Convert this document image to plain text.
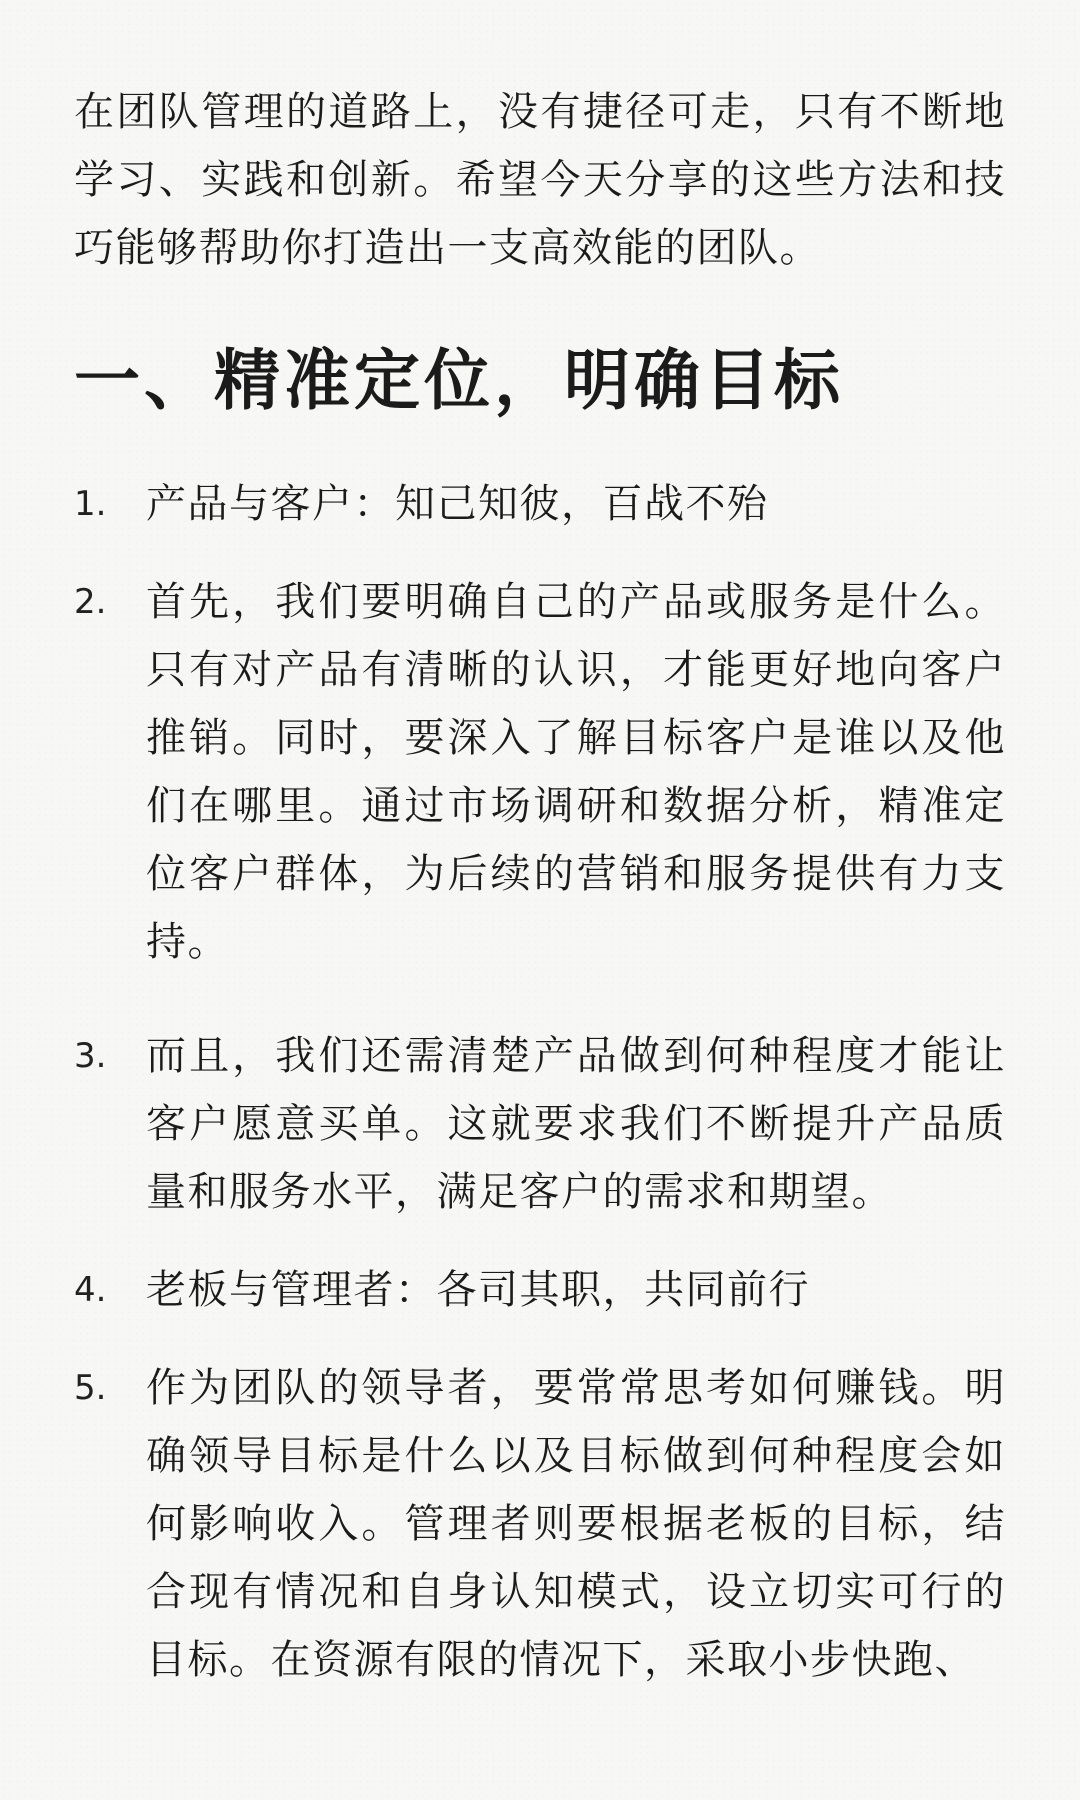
在团队管理的道路上，没有捷径可走，只有不断地学习、实践和创新。希望今天分享的这些方法和技巧能够帮助你打造出一支高效能的团队。

一、精准定位，明确目标
1. 产品与客户：知己知彼，百战不殆
2. 首先，我们要明确自己的产品或服务是什么。只有对产品有清晰的认识，才能更好地向客户推销。同时，要深入了解目标客户是谁以及他们在哪里。通过市场调研和数据分析，精准定位客户群体，为后续的营销和服务提供有力支持。
3. 而且，我们还需清楚产品做到何种程度才能让客户愿意买单。这就要求我们不断提升产品质量和服务水平，满足客户的需求和期望。
4. 老板与管理者：各司其职，共同前行
5. 作为团队的领导者，要常常思考如何赚钱。明确领导目标是什么以及目标做到何种程度会如何影响收入。管理者则要根据老板的目标，结合现有情况和自身认知模式，设立切实可行的目标。在资源有限的情况下，采取小步快跑、
